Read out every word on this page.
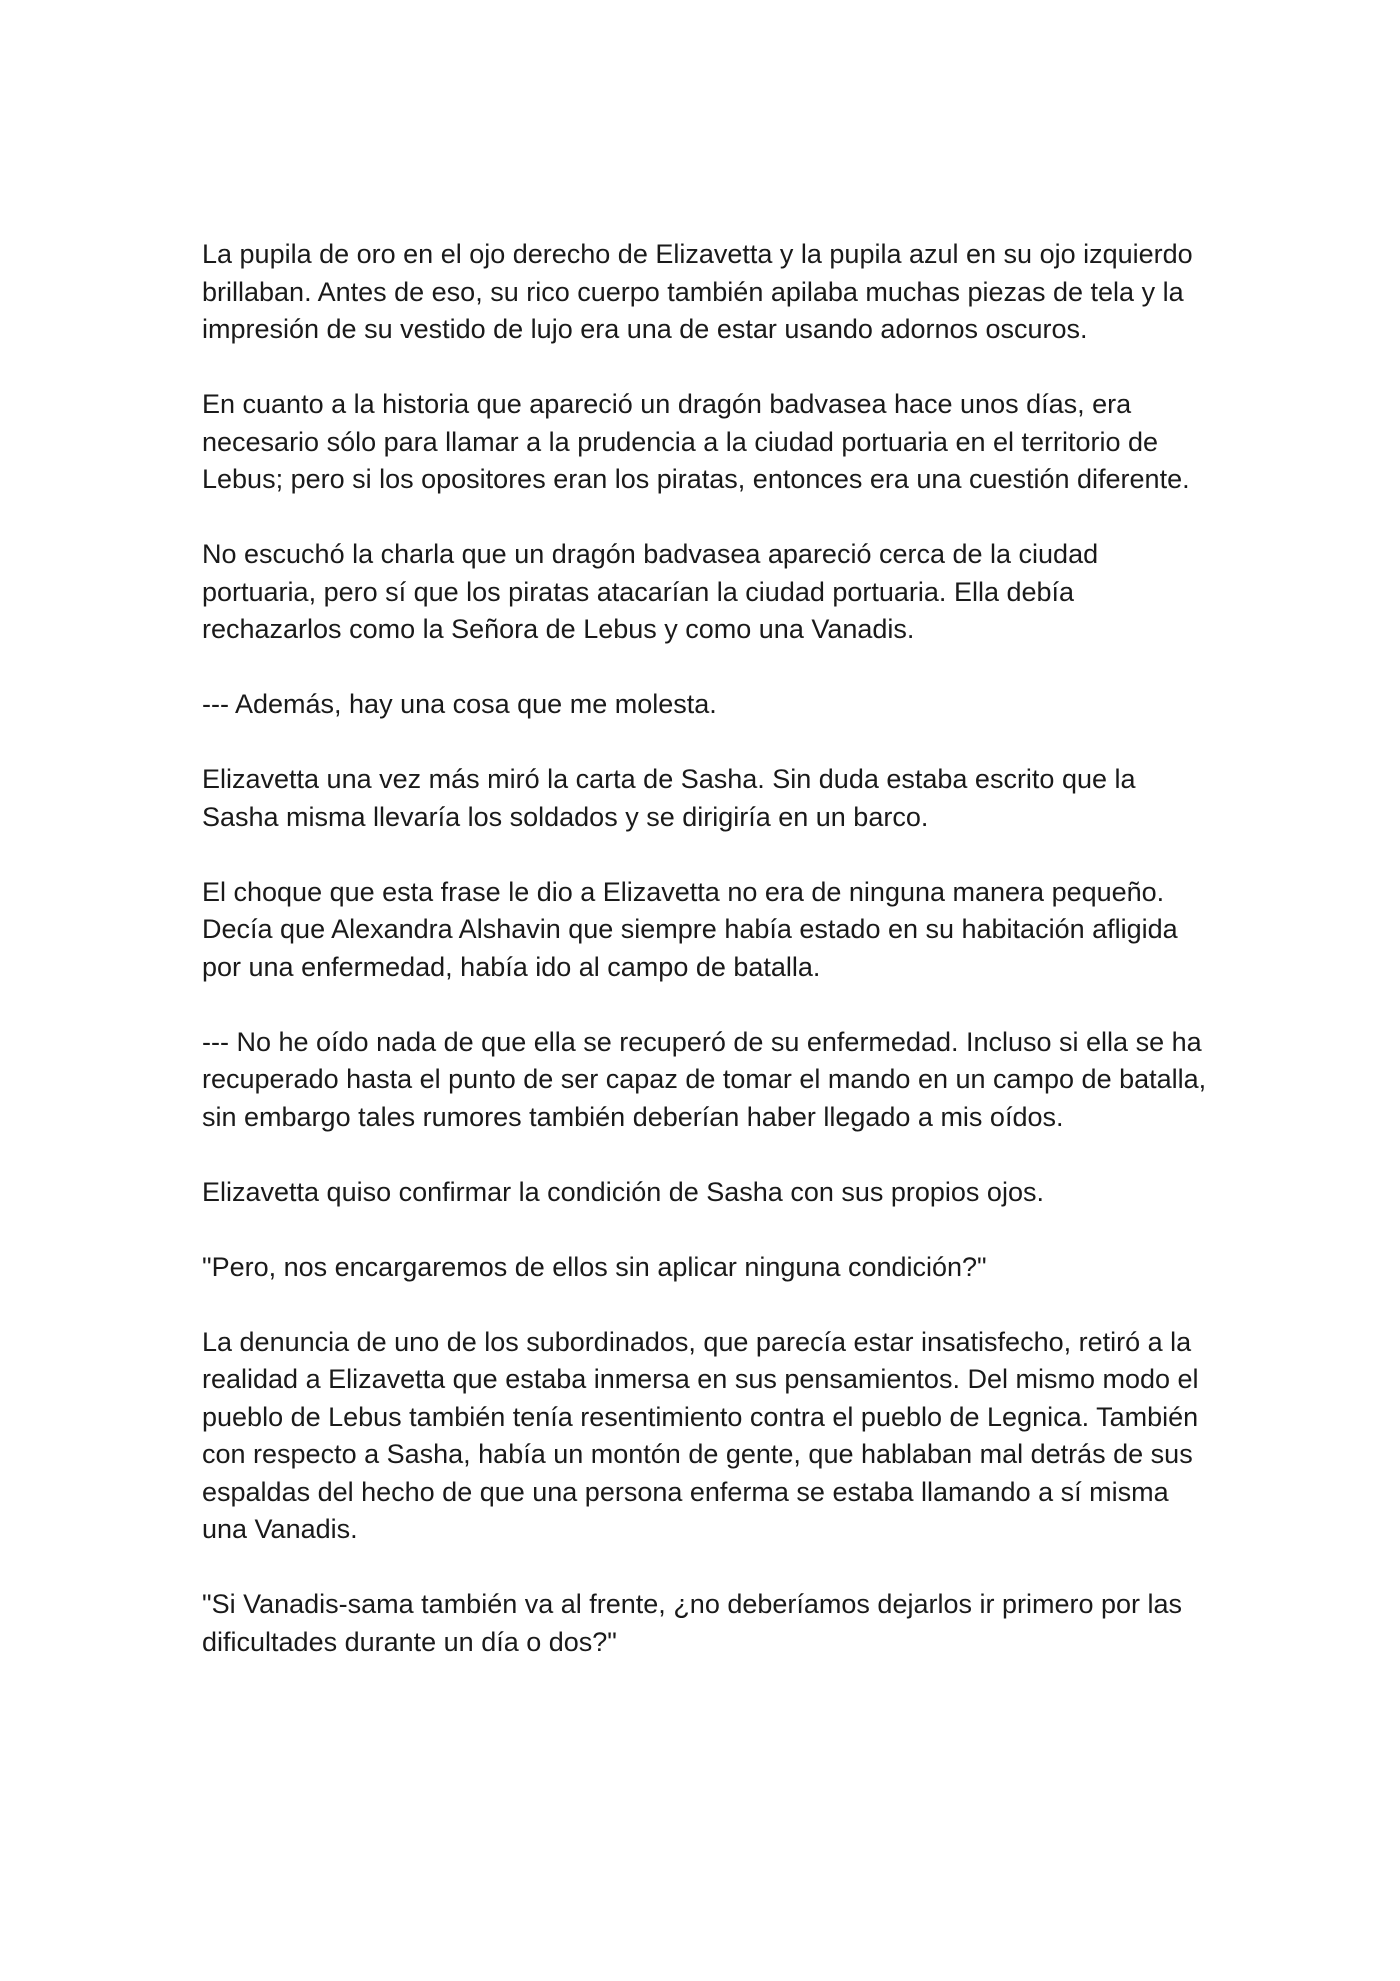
La pupila de oro en el ojo derecho de Elizavetta y la pupila azul en su ojo izquierdo brillaban. Antes de eso, su rico cuerpo también apilaba muchas piezas de tela y la impresión de su vestido de lujo era una de estar usando adornos oscuros.

En cuanto a la historia que apareció un dragón badvasea hace unos días, era necesario sólo para llamar a la prudencia a la ciudad portuaria en el territorio de Lebus; pero si los opositores eran los piratas, entonces era una cuestión diferente.

No escuchó la charla que un dragón badvasea apareció cerca de la ciudad portuaria, pero sí que los piratas atacarían la ciudad portuaria. Ella debía rechazarlos como la Señora de Lebus y como una Vanadis.

--- Además, hay una cosa que me molesta.

Elizavetta una vez más miró la carta de Sasha. Sin duda estaba escrito que la Sasha misma llevaría los soldados y se dirigiría en un barco.

El choque que esta frase le dio a Elizavetta no era de ninguna manera pequeño. Decía que Alexandra Alshavin que siempre había estado en su habitación afligida por una enfermedad, había ido al campo de batalla.

--- No he oído nada de que ella se recuperó de su enfermedad. Incluso si ella se ha recuperado hasta el punto de ser capaz de tomar el mando en un campo de batalla, sin embargo tales rumores también deberían haber llegado a mis oídos.

Elizavetta quiso confirmar la condición de Sasha con sus propios ojos.

"Pero, nos encargaremos de ellos sin aplicar ninguna condición?"

La denuncia de uno de los subordinados, que parecía estar insatisfecho, retiró a la realidad a Elizavetta que estaba inmersa en sus pensamientos. Del mismo modo el pueblo de Lebus también tenía resentimiento contra el pueblo de Legnica. También con respecto a Sasha, había un montón de gente, que hablaban mal detrás de sus espaldas del hecho de que una persona enferma se estaba llamando a sí misma una Vanadis.

"Si Vanadis-sama también va al frente, ¿no deberíamos dejarlos ir primero por las dificultades durante un día o dos?"
